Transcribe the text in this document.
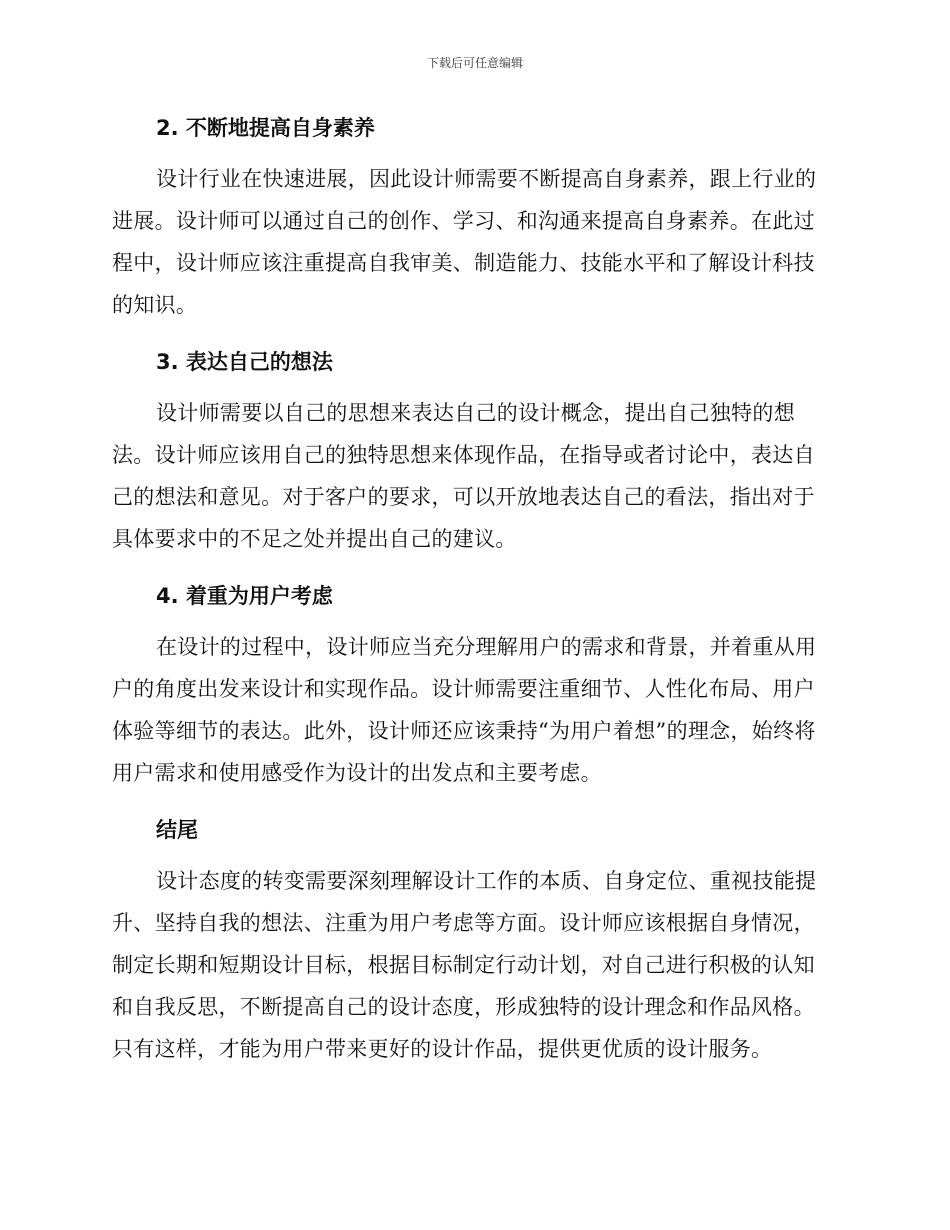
下载后可任意编辑

2. 不断地提高自身素养

设计行业在快速进展，因此设计师需要不断提高自身素养，跟上行业的进展。设计师可以通过自己的创作、学习、和沟通来提高自身素养。在此过程中，设计师应该注重提高自我审美、制造能力、技能水平和了解设计科技的知识。

3. 表达自己的想法

设计师需要以自己的思想来表达自己的设计概念，提出自己独特的想法。设计师应该用自己的独特思想来体现作品，在指导或者讨论中，表达自己的想法和意见。对于客户的要求，可以开放地表达自己的看法，指出对于具体要求中的不足之处并提出自己的建议。

4. 着重为用户考虑

在设计的过程中，设计师应当充分理解用户的需求和背景，并着重从用户的角度出发来设计和实现作品。设计师需要注重细节、人性化布局、用户体验等细节的表达。此外，设计师还应该秉持“为用户着想”的理念，始终将用户需求和使用感受作为设计的出发点和主要考虑。

结尾

设计态度的转变需要深刻理解设计工作的本质、自身定位、重视技能提升、坚持自我的想法、注重为用户考虑等方面。设计师应该根据自身情况，制定长期和短期设计目标，根据目标制定行动计划，对自己进行积极的认知和自我反思，不断提高自己的设计态度，形成独特的设计理念和作品风格。只有这样，才能为用户带来更好的设计作品，提供更优质的设计服务。
